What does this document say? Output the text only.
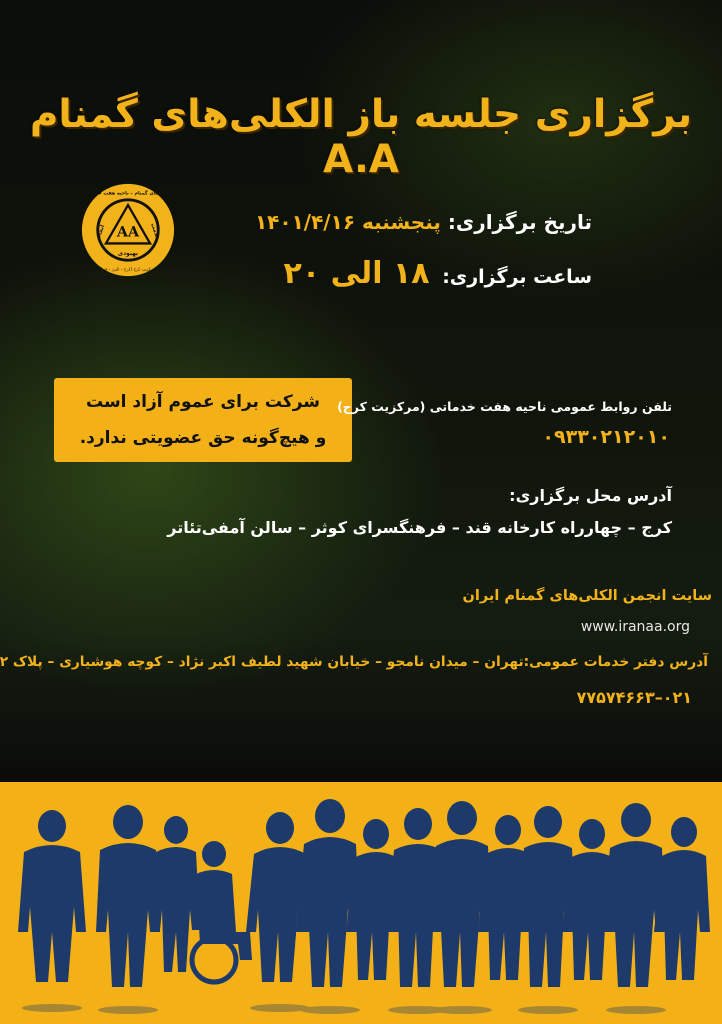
برگزاری جلسه باز الکلی‌های گمنام A.A
AA
الکلی‌های گمنام – ناحیه هفت خدماتی
انجاد	خدمت
بهبودی
(کرج – البرز – قم) مرکزیت کرج
تاریخ برگزاری: پنجشنبه ۱۴۰۱/۴/۱۶
ساعت برگزاری: ۱۸ الی ۲۰
شرکت برای عموم آزاد است
و هیچ‌گونه حق عضویتی ندارد.
تلفن روابط عمومی ناحیه هفت خدماتی (مرکزیت کرج)
۰۹۳۳۰۲۱۲۰۱۰
آدرس محل برگزاری:
کرج – چهارراه کارخانه قند – فرهنگسرای کوثر – سالن آمفی‌تئاتر
سایت انجمن الکلی‌های گمنام ایران
www.iranaa.org
آدرس دفتر خدمات عمومی:تهران – میدان نامجو – خیابان شهید لطیف اکبر نژاد – کوچه هوشیاری – پلاک ۲
۰۲۱–۷۷۵۷۴۶۶۳
